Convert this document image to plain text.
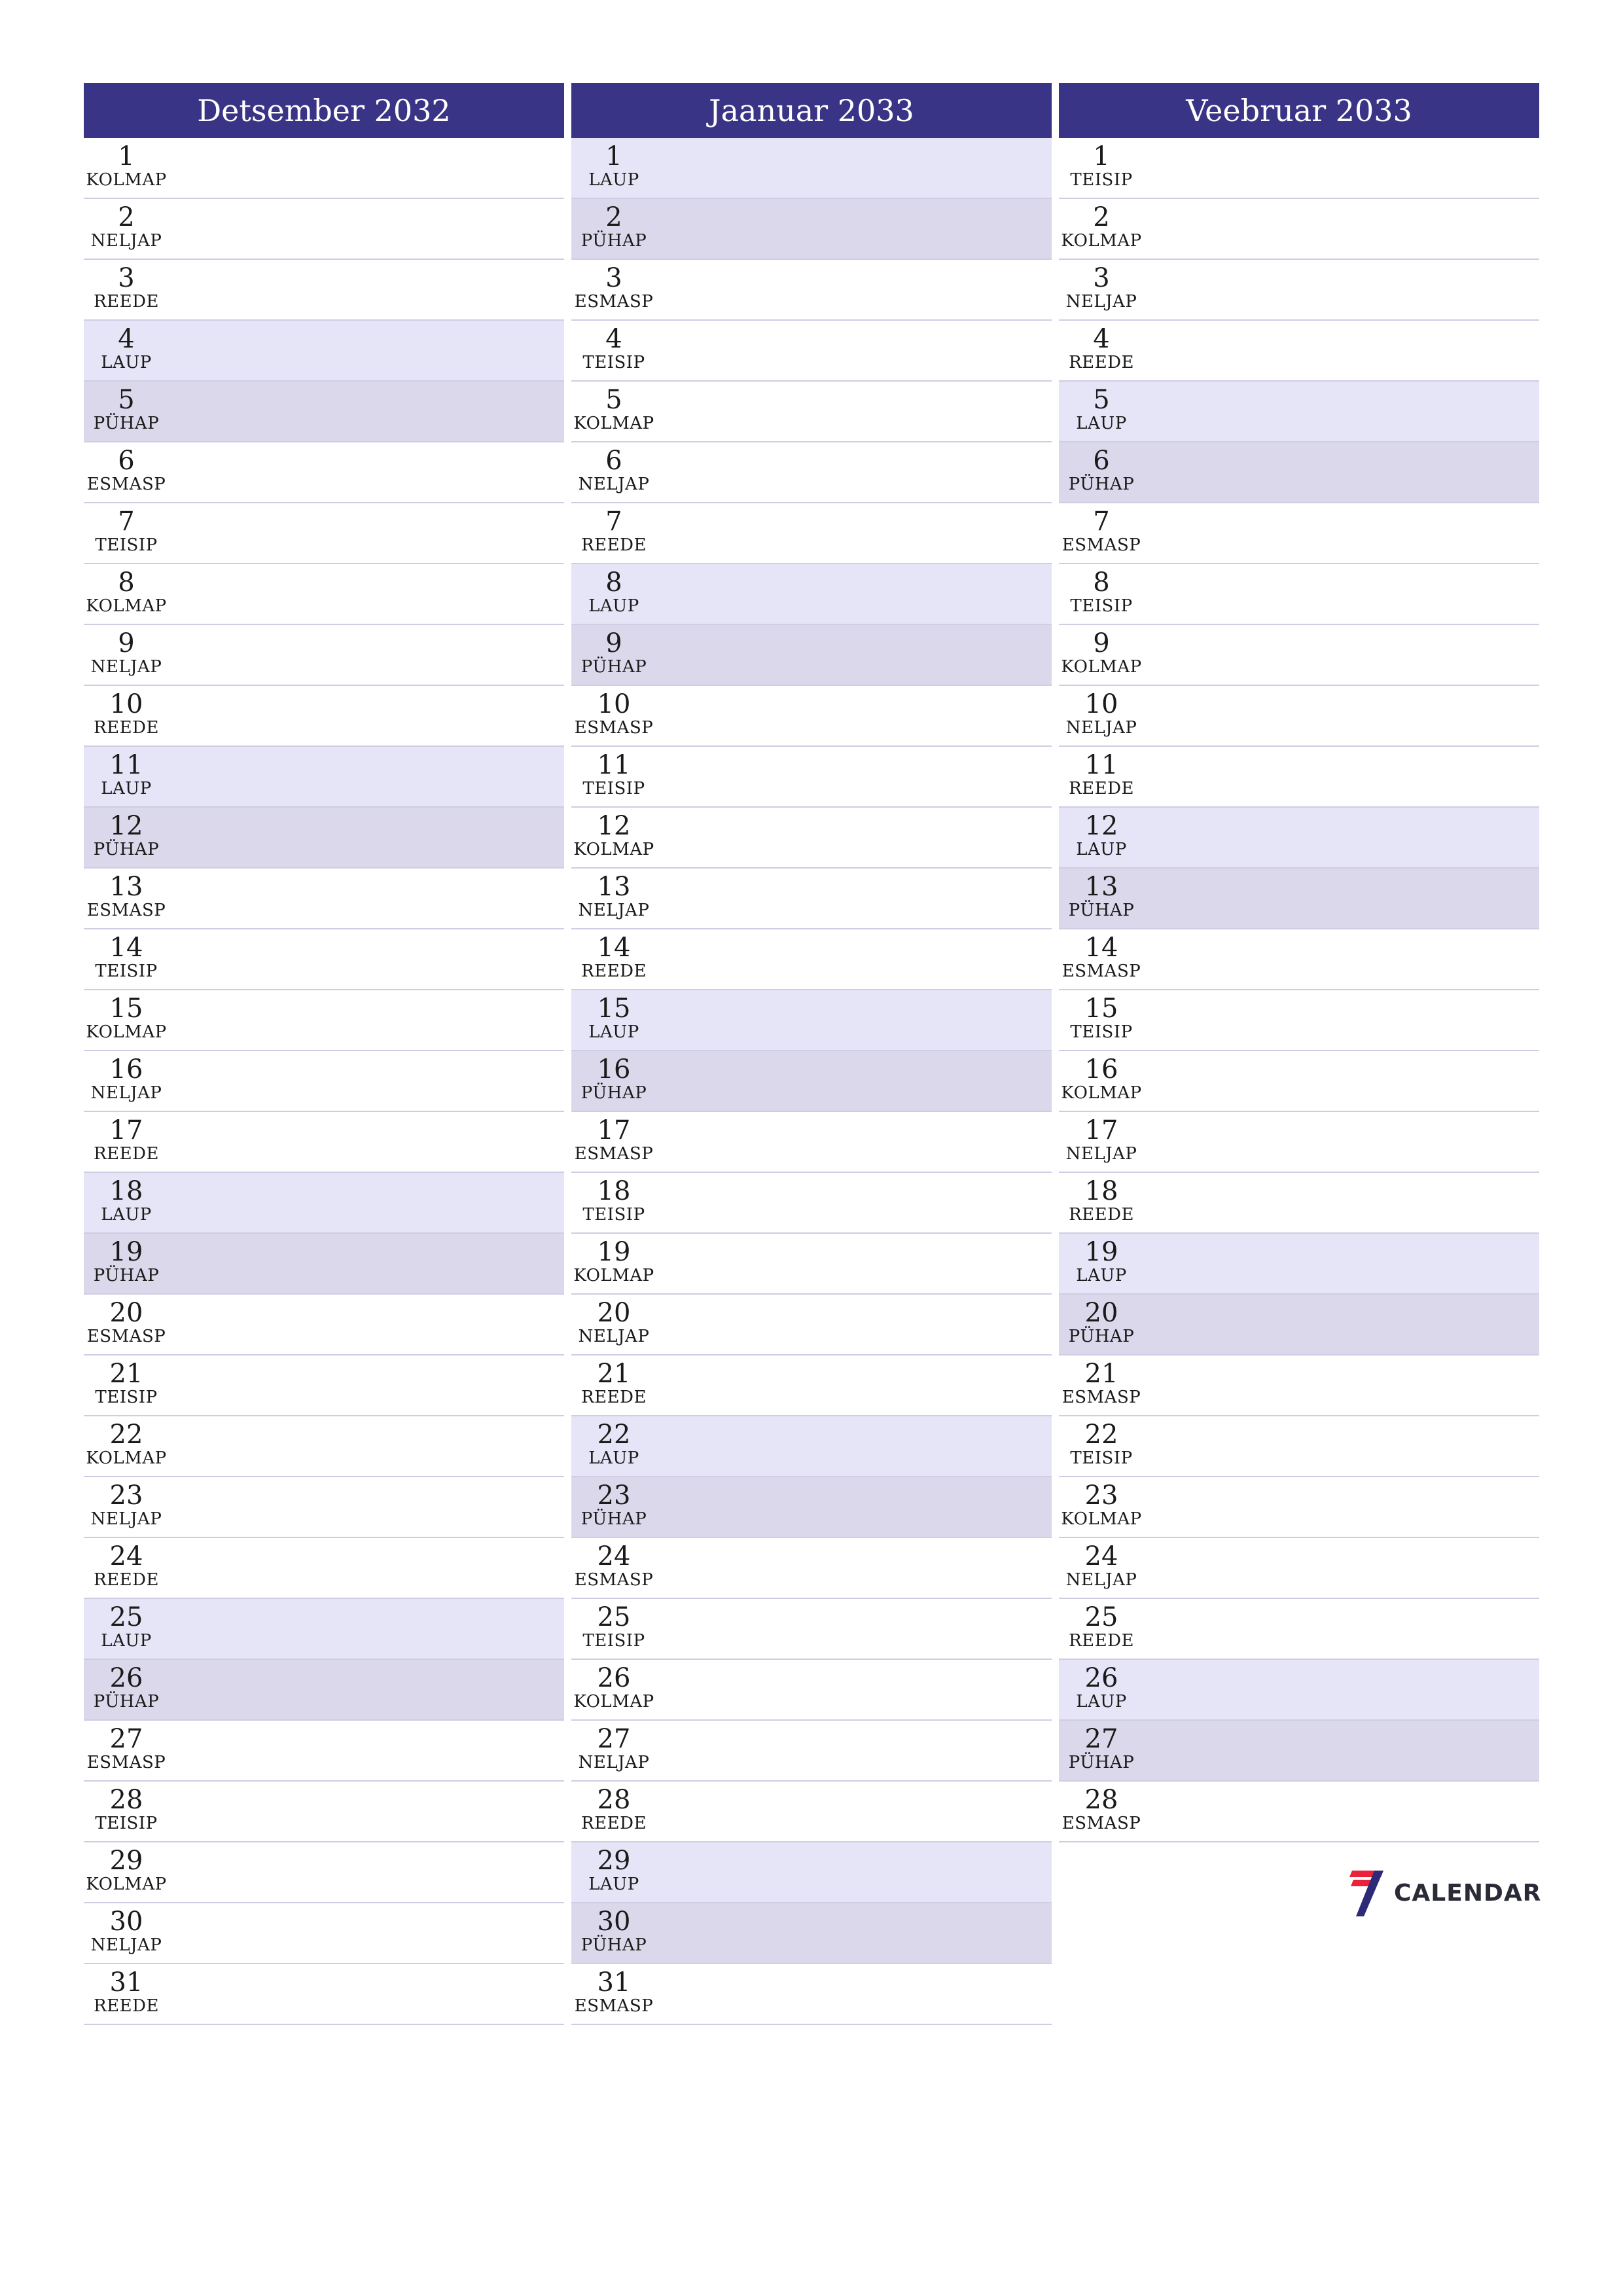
Detsember 2032
1
KOLMAP
2
NELJAP
3
REEDE
4
LAUP
5
PÜHAP
6
ESMASP
7
TEISIP
8
KOLMAP
9
NELJAP
10
REEDE
11
LAUP
12
PÜHAP
13
ESMASP
14
TEISIP
15
KOLMAP
16
NELJAP
17
REEDE
18
LAUP
19
PÜHAP
20
ESMASP
21
TEISIP
22
KOLMAP
23
NELJAP
24
REEDE
25
LAUP
26
PÜHAP
27
ESMASP
28
TEISIP
29
KOLMAP
30
NELJAP
31
REEDE
Jaanuar 2033
1
LAUP
2
PÜHAP
3
ESMASP
4
TEISIP
5
KOLMAP
6
NELJAP
7
REEDE
8
LAUP
9
PÜHAP
10
ESMASP
11
TEISIP
12
KOLMAP
13
NELJAP
14
REEDE
15
LAUP
16
PÜHAP
17
ESMASP
18
TEISIP
19
KOLMAP
20
NELJAP
21
REEDE
22
LAUP
23
PÜHAP
24
ESMASP
25
TEISIP
26
KOLMAP
27
NELJAP
28
REEDE
29
LAUP
30
PÜHAP
31
ESMASP
Veebruar 2033
1
TEISIP
2
KOLMAP
3
NELJAP
4
REEDE
5
LAUP
6
PÜHAP
7
ESMASP
8
TEISIP
9
KOLMAP
10
NELJAP
11
REEDE
12
LAUP
13
PÜHAP
14
ESMASP
15
TEISIP
16
KOLMAP
17
NELJAP
18
REEDE
19
LAUP
20
PÜHAP
21
ESMASP
22
TEISIP
23
KOLMAP
24
NELJAP
25
REEDE
26
LAUP
27
PÜHAP
28
ESMASP
CALENDAR
